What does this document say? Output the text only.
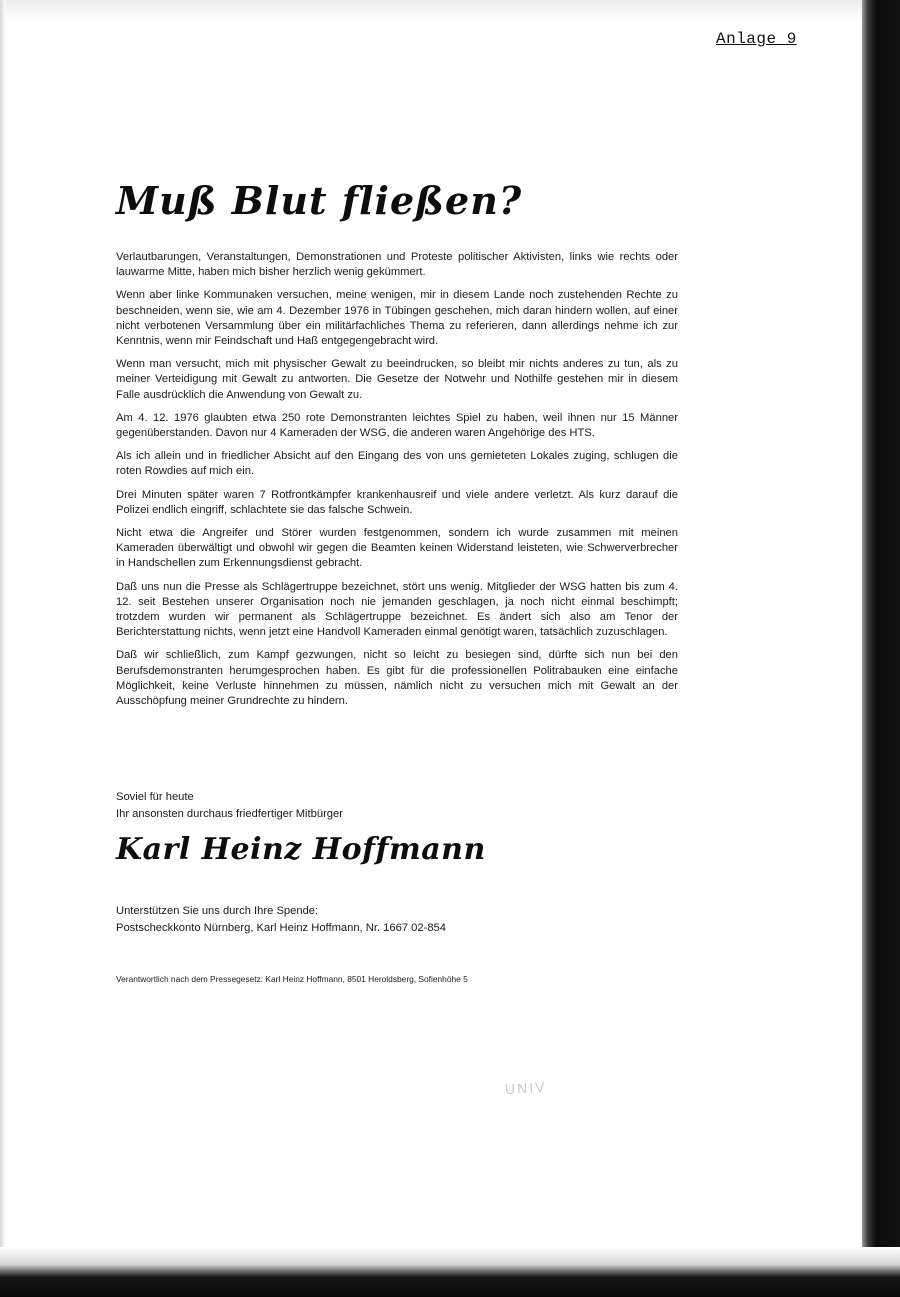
Anlage 9
Muß Blut fließen?

Verlautbarungen, Veranstaltungen, Demonstrationen und Proteste politischer Aktivisten, links wie rechts oder lauwarme Mitte, haben mich bisher herzlich wenig gekümmert.

Wenn aber linke Kommunaken versuchen, meine wenigen, mir in diesem Lande noch zustehenden Rechte zu beschneiden, wenn sie, wie am 4. Dezember 1976 in Tübingen geschehen, mich daran hindern wollen, auf einer nicht verbotenen Versammlung über ein militärfachliches Thema zu referieren, dann allerdings nehme ich zur Kenntnis, wenn mir Feindschaft und Haß entgegengebracht wird.

Wenn man versucht, mich mit physischer Gewalt zu beeindrucken, so bleibt mir nichts anderes zu tun, als zu meiner Verteidigung mit Gewalt zu antworten. Die Gesetze der Notwehr und Nothilfe gestehen mir in diesem Falle ausdrücklich die Anwendung von Gewalt zu.

Am 4. 12. 1976 glaubten etwa 250 rote Demonstranten leichtes Spiel zu haben, weil ihnen nur 15 Männer gegenüberstanden. Davon nur 4 Kameraden der WSG, die anderen waren Angehörige des HTS.

Als ich allein und in friedlicher Absicht auf den Eingang des von uns gemieteten Lokales zuging, schlugen die roten Rowdies auf mich ein.

Drei Minuten später waren 7 Rotfrontkämpfer krankenhausreif und viele andere verletzt. Als kurz darauf die Polizei endlich eingriff, schlachtete sie das falsche Schwein.

Nicht etwa die Angreifer und Störer wurden festgenommen, sondern ich wurde zusammen mit meinen Kameraden überwältigt und obwohl wir gegen die Beamten keinen Widerstand leisteten, wie Schwerverbrecher in Handschellen zum Erkennungsdienst gebracht.

Daß uns nun die Presse als Schlägertruppe bezeichnet, stört uns wenig. Mitglieder der WSG hatten bis zum 4. 12. seit Bestehen unserer Organisation noch nie jemanden geschlagen, ja noch nicht einmal beschimpft; trotzdem wurden wir permanent als Schlägertruppe bezeichnet. Es ändert sich also am Tenor der Berichterstattung nichts, wenn jetzt eine Handvoll Kameraden einmal genötigt waren, tatsächlich zuzuschlagen.

Daß wir schließlich, zum Kampf gezwungen, nicht so leicht zu besiegen sind, dürfte sich nun bei den Berufsdemonstranten herumgesprochen haben. Es gibt für die professionellen Politrabauken eine einfache Möglichkeit, keine Verluste hinnehmen zu müssen, nämlich nicht zu versuchen mich mit Gewalt an der Ausschöpfung meiner Grundrechte zu hindern.

Soviel für heute
Ihr ansonsten durchaus friedfertiger Mitbürger
Karl Heinz Hoffmann
Unterstützen Sie uns durch Ihre Spende:
Postscheckkonto Nürnberg, Karl Heinz Hoffmann, Nr. 1667 02-854
Verantwortlich nach dem Pressegesetz: Karl Heinz Hoffmann, 8501 Heroldsberg, Sofienhöhe 5
UNIV
